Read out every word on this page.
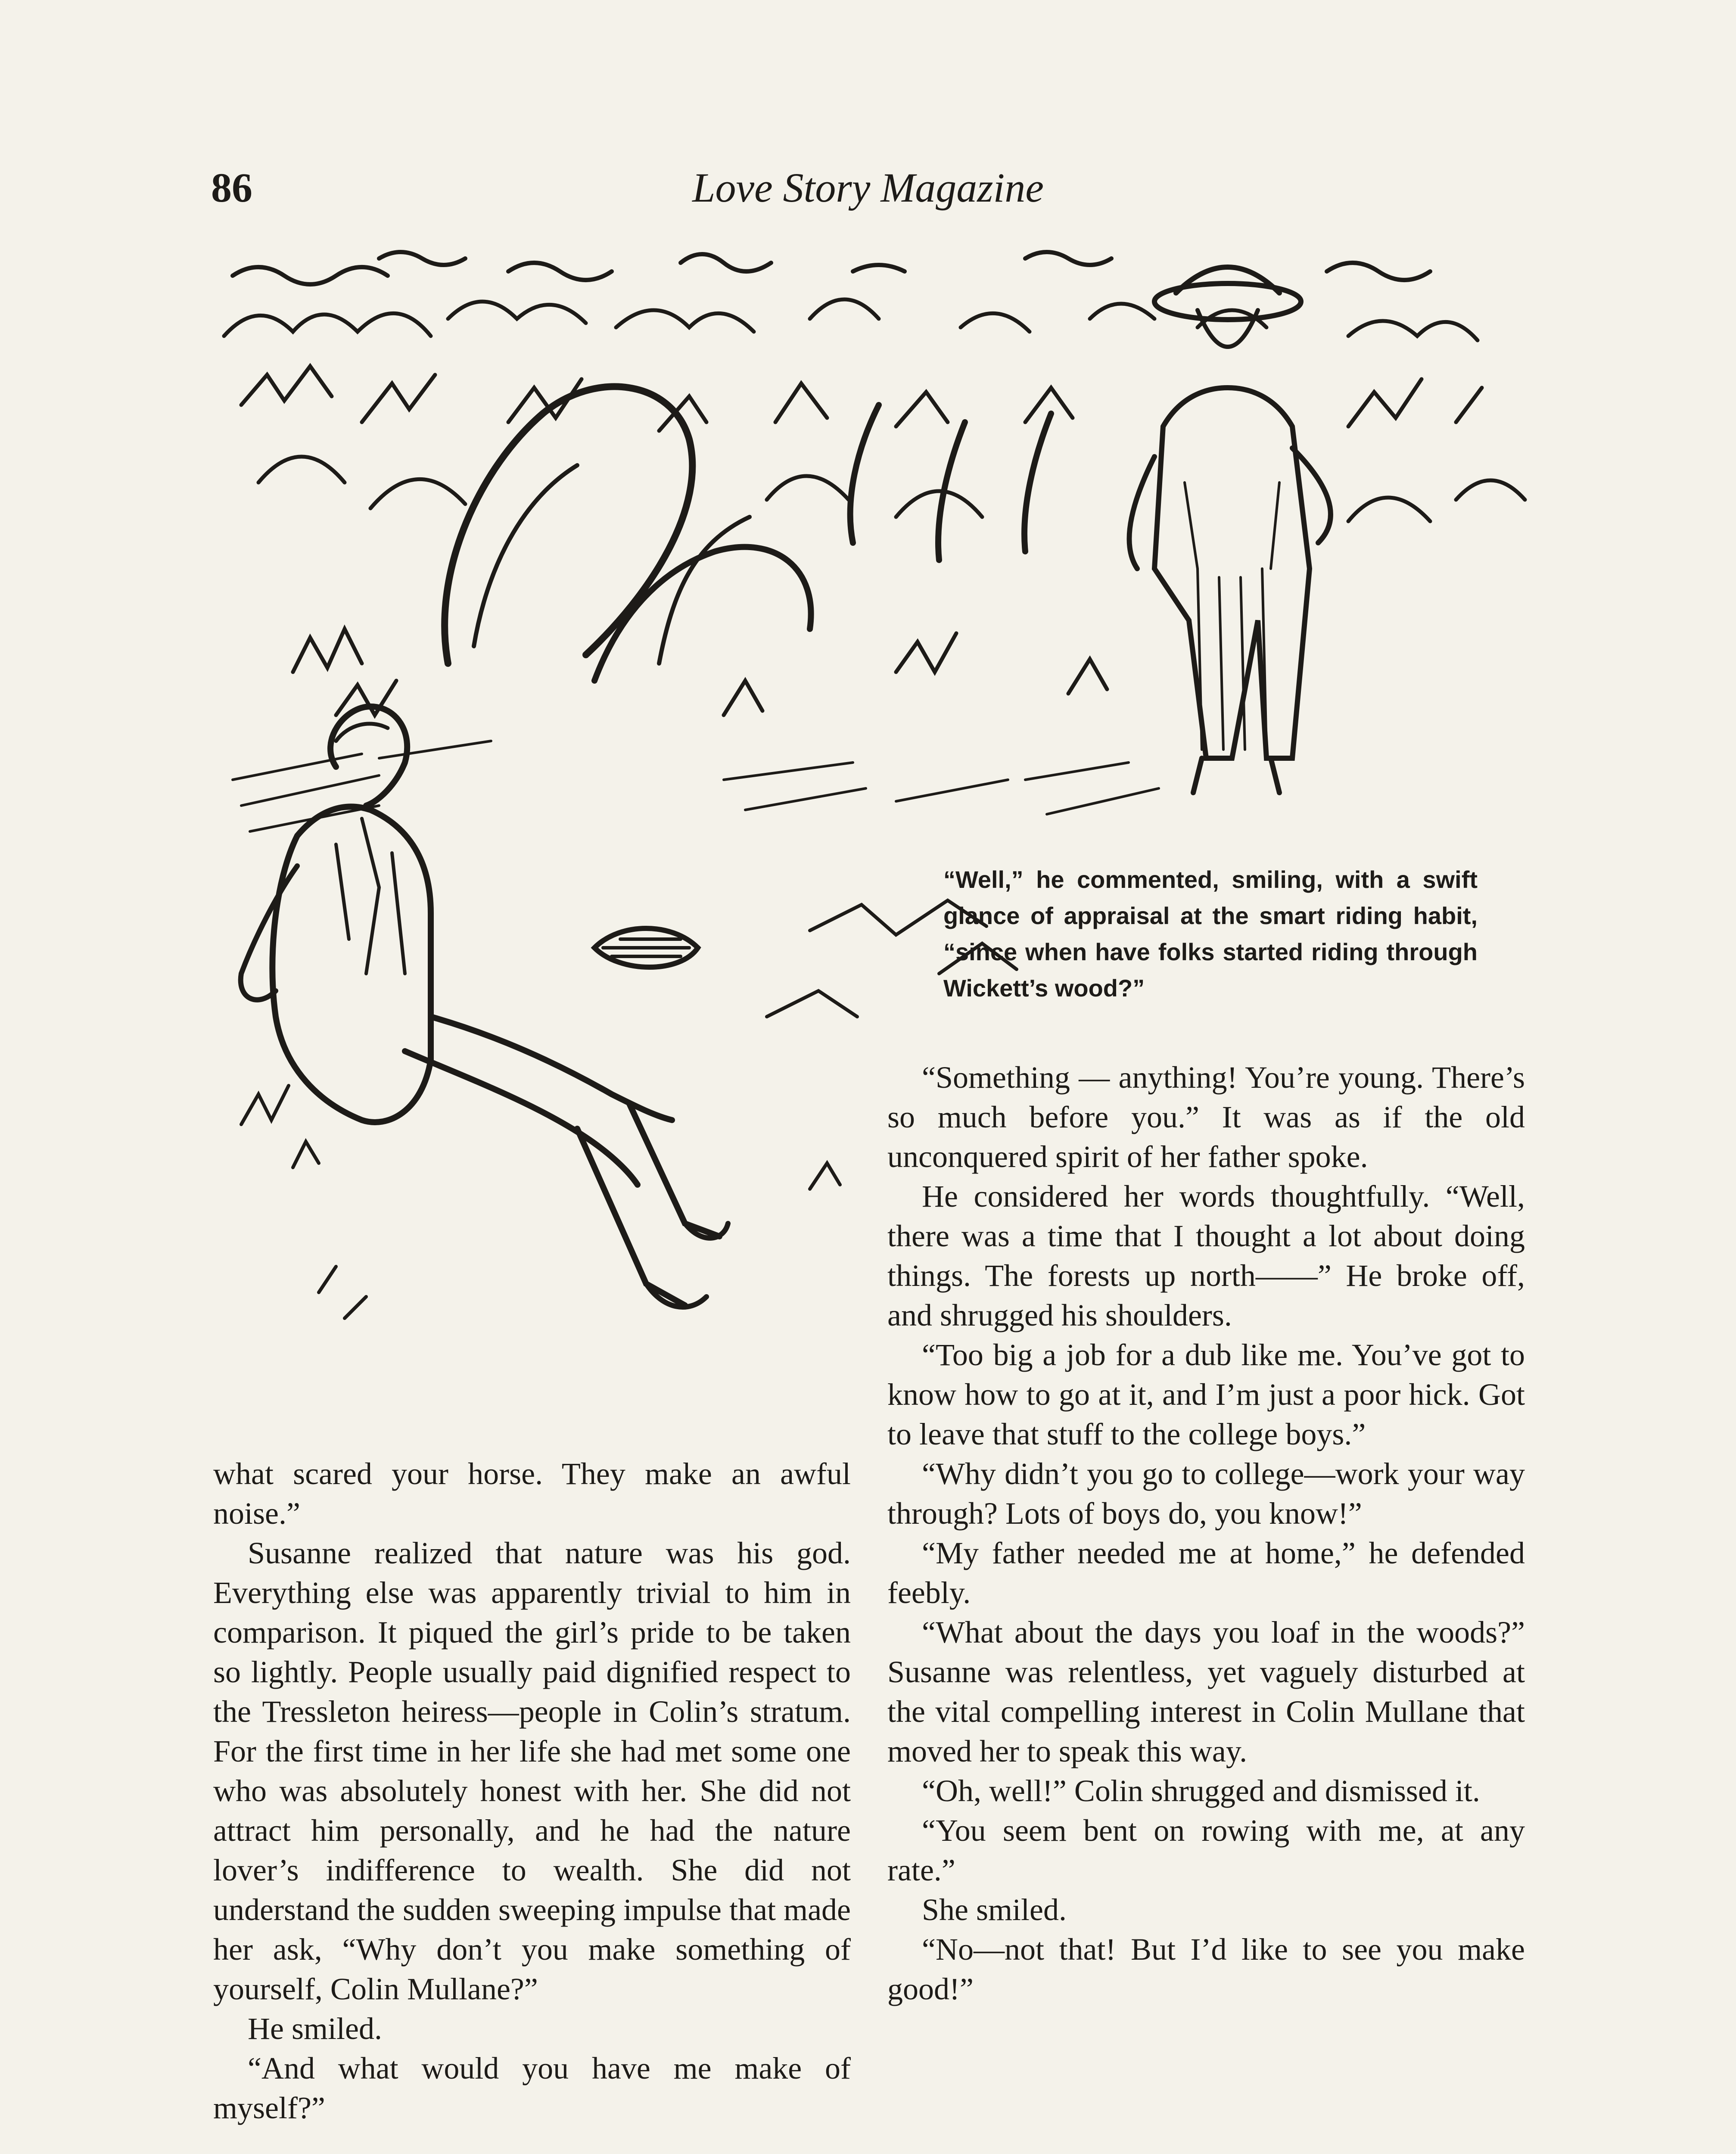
86	Love Story Magazine
“Well,” he commented, smiling, with a swift glance of appraisal at the smart riding habit, “since when have folks started riding through Wickett’s wood?”

what scared your horse. They make an awful noise.”

Susanne realized that nature was his god. Everything else was apparently trivial to him in comparison. It piqued the girl’s pride to be taken so lightly. People usually paid dignified respect to the Tressleton heiress—people in Colin’s stratum. For the first time in her life she had met some one who was absolutely honest with her. She did not attract him personally, and he had the nature lover’s indifference to wealth. She did not understand the sudden sweeping impulse that made her ask, “Why don’t you make something of yourself, Colin Mullane?”

He smiled.

“And what would you have me make of myself?”

“Something — anything! You’re young. There’s so much before you.” It was as if the old unconquered spirit of her father spoke.

He considered her words thoughtfully. “Well, there was a time that I thought a lot about doing things. The forests up north——” He broke off, and shrugged his shoulders.

“Too big a job for a dub like me. You’ve got to know how to go at it, and I’m just a poor hick. Got to leave that stuff to the college boys.”

“Why didn’t you go to college—work your way through? Lots of boys do, you know!”

“My father needed me at home,” he defended feebly.

“What about the days you loaf in the woods?” Susanne was relentless, yet vaguely disturbed at the vital compelling interest in Colin Mullane that moved her to speak this way.

“Oh, well!” Colin shrugged and dismissed it.

“You seem bent on rowing with me, at any rate.”

She smiled.

“No—not that! But I’d like to see you make good!”
